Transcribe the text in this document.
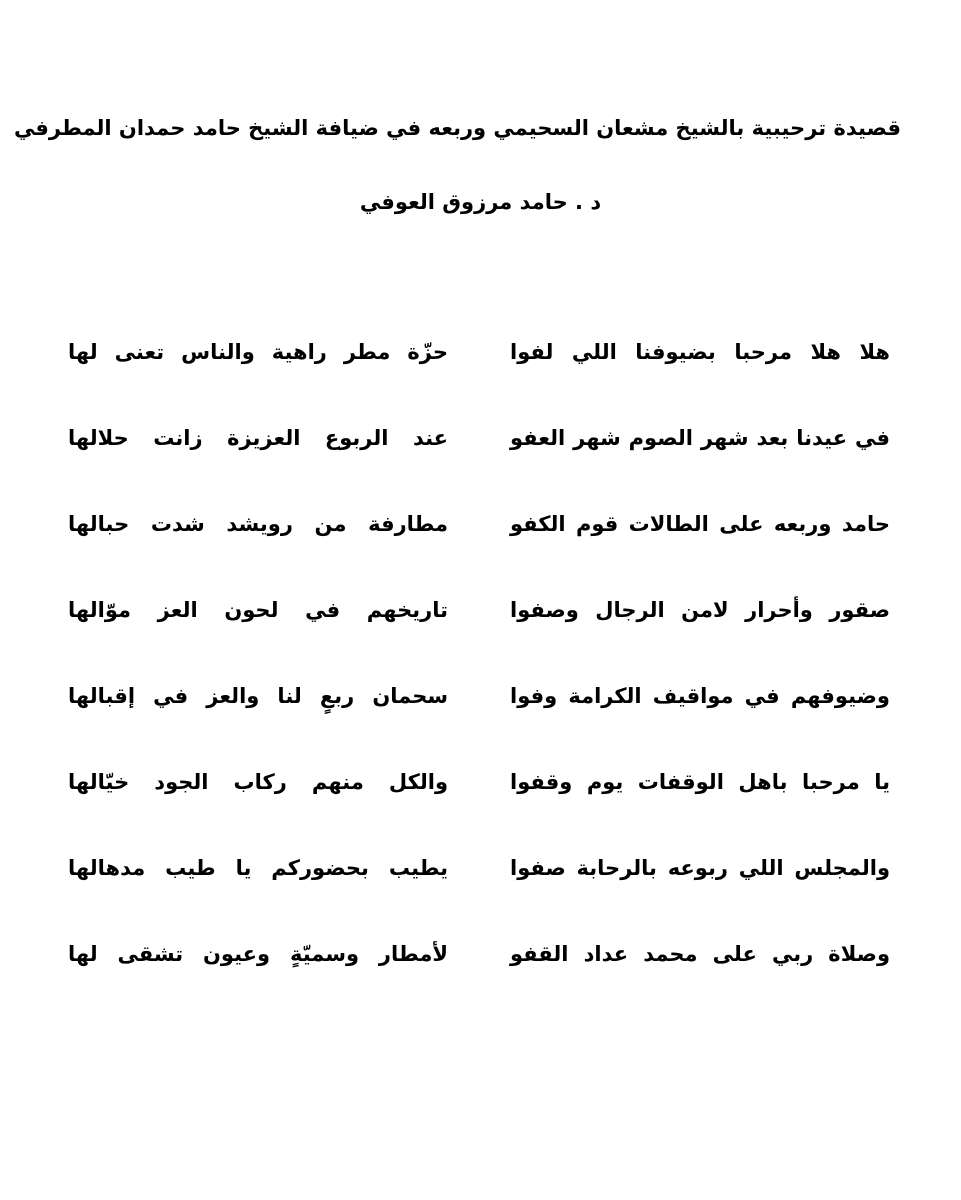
قصيدة ترحيبية بالشيخ مشعان السحيمي وربعه في ضيافة الشيخ حامد حمدان المطرفي
د . حامد مرزوق العوفي
هلا هلا مرحبا بضيوفنا اللي لفوا
حزّة مطر راهية والناس تعنى لها
في عيدنا بعد شهر الصوم شهر العفو
عند الربوع العزيزة زانت حلالها
حامد وربعه على الطالات قوم الكفو
مطارفة من رويشد شدت حبالها
صقور وأحرار لامن الرجال وصفوا
تاريخهم في لحون العز موّالها
وضيوفهم في مواقيف الكرامة وفوا
سحمان ربعٍ لنا والعز في إقبالها
يا مرحبا باهل الوقفات يوم وقفوا
والكل منهم ركاب الجود خيّالها
والمجلس اللي ربوعه بالرحابة صفوا
يطيب بحضوركم يا طيب مدهالها
وصلاة ربي على محمد عداد القفو
لأمطار وسميّةٍ وعيون تشقى لها
